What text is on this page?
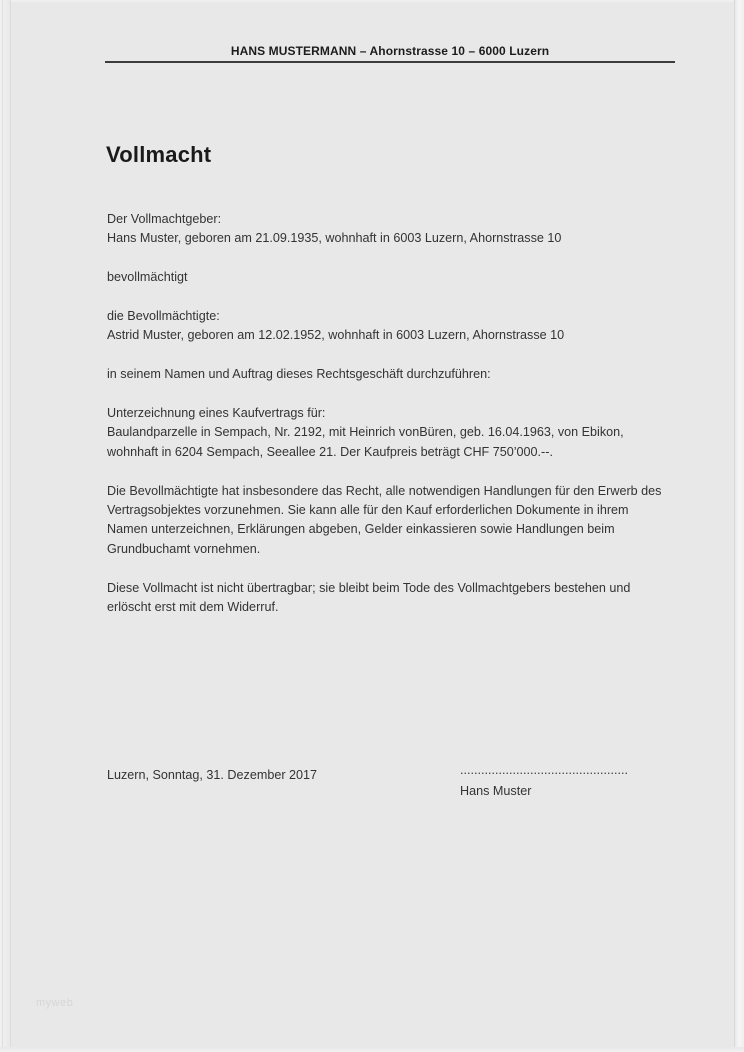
HANS MUSTERMANN – Ahornstrasse 10 – 6000 Luzern
Vollmacht

Der Vollmachtgeber:
Hans Muster, geboren am 21.09.1935, wohnhaft in 6003 Luzern, Ahornstrasse 10

bevollmächtigt

die Bevollmächtigte:
Astrid Muster, geboren am 12.02.1952, wohnhaft in 6003 Luzern, Ahornstrasse 10

in seinem Namen und Auftrag dieses Rechtsgeschäft durchzuführen:

Unterzeichnung eines Kaufvertrags für:
Baulandparzelle in Sempach, Nr. 2192, mit Heinrich vonBüren, geb. 16.04.1963, von Ebikon,
wohnhaft in 6204 Sempach, Seeallee 21. Der Kaufpreis beträgt CHF 750’000.--.

Die Bevollmächtigte hat insbesondere das Recht, alle notwendigen Handlungen für den Erwerb des
Vertragsobjektes vorzunehmen. Sie kann alle für den Kauf erforderlichen Dokumente in ihrem
Namen unterzeichnen, Erklärungen abgeben, Gelder einkassieren sowie Handlungen beim
Grundbuchamt vornehmen.

Diese Vollmacht ist nicht übertragbar; sie bleibt beim Tode des Vollmachtgebers bestehen und
erlöscht erst mit dem Widerruf.

Luzern, Sonntag, 31. Dezember 2017	................................................
Hans Muster
myweb
